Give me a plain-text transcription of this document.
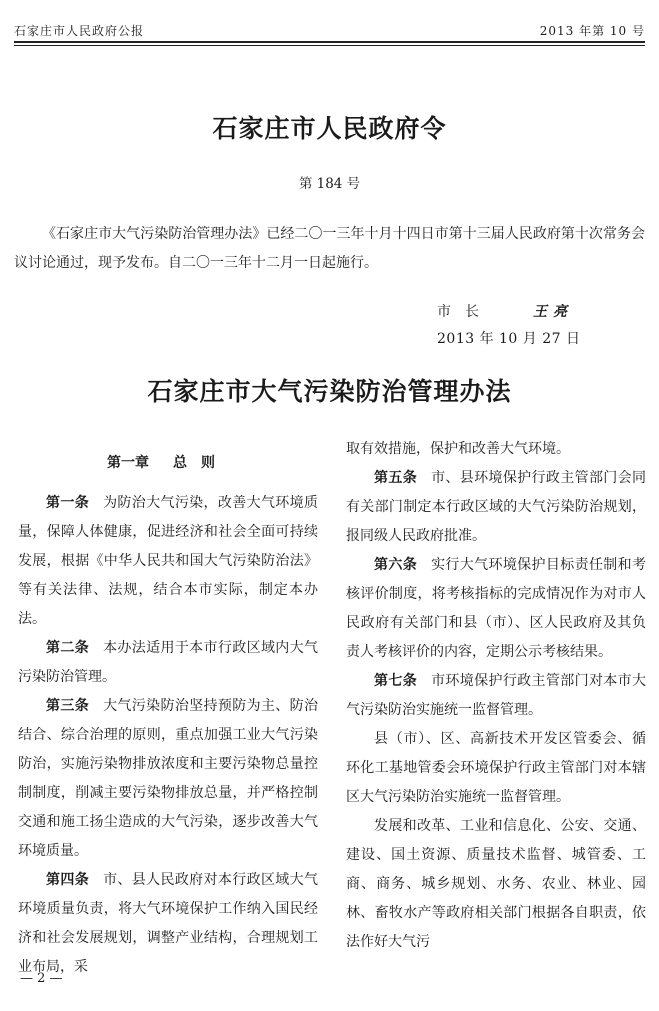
石家庄市人民政府公报	2013 年第 10 号
石家庄市人民政府令
第 184 号
《石家庄市大气污染防治管理办法》已经二〇一三年十月十四日市第十三届人民政府第十次常务会议讨论通过，现予发布。自二〇一三年十二月一日起施行。
市长	王亮
2013 年 10 月 27 日
石家庄市大气污染防治管理办法
第一章 总则

第一条 为防治大气污染，改善大气环境质量，保障人体健康，促进经济和社会全面可持续发展，根据《中华人民共和国大气污染防治法》等有关法律、法规，结合本市实际，制定本办法。

第二条 本办法适用于本市行政区域内大气污染防治管理。

第三条 大气污染防治坚持预防为主、防治结合、综合治理的原则，重点加强工业大气污染防治，实施污染物排放浓度和主要污染物总量控制制度，削减主要污染物排放总量，并严格控制交通和施工扬尘造成的大气污染，逐步改善大气环境质量。

第四条 市、县人民政府对本行政区域大气环境质量负责，将大气环境保护工作纳入国民经济和社会发展规划，调整产业结构，合理规划工业布局，采

取有效措施，保护和改善大气环境。

第五条 市、县环境保护行政主管部门会同有关部门制定本行政区域的大气污染防治规划，报同级人民政府批准。

第六条 实行大气环境保护目标责任制和考核评价制度，将考核指标的完成情况作为对市人民政府有关部门和县（市）、区人民政府及其负责人考核评价的内容，定期公示考核结果。

第七条 市环境保护行政主管部门对本市大气污染防治实施统一监督管理。

县（市）、区、高新技术开发区管委会、循环化工基地管委会环境保护行政主管部门对本辖区大气污染防治实施统一监督管理。

发展和改革、工业和信息化、公安、交通、建设、国土资源、质量技术监督、城管委、工商、商务、城乡规划、水务、农业、林业、园林、畜牧水产等政府相关部门根据各自职责，依法作好大气污

— 2 —
